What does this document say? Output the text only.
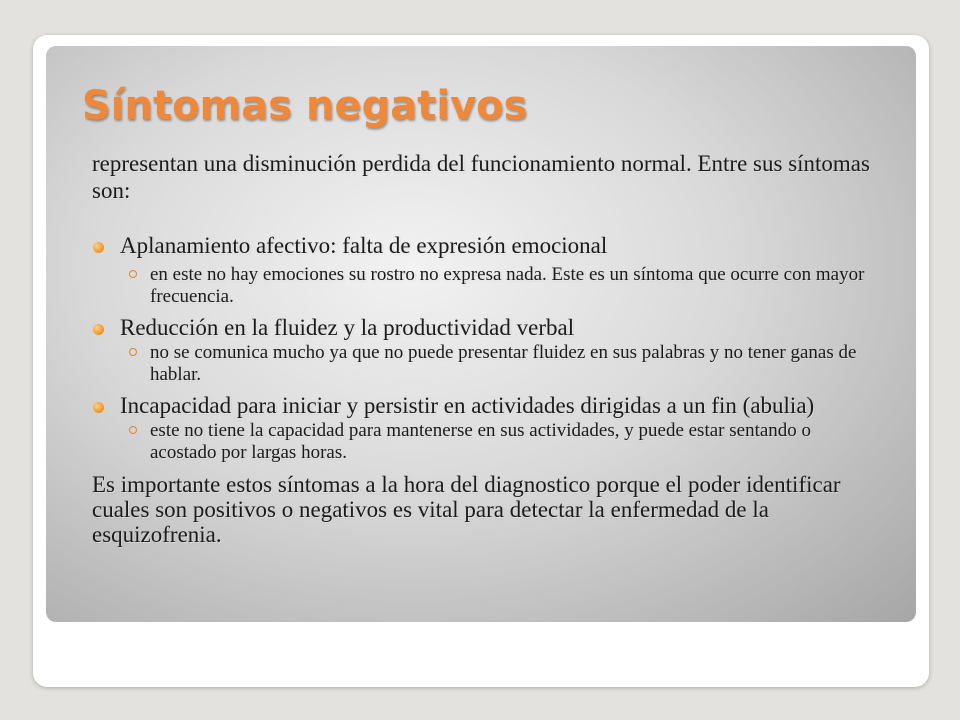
Síntomas negativos

representan una disminución perdida del funcionamiento normal. Entre sus síntomas son:

Aplanamiento afectivo: falta de expresión emocional
en este no hay emociones su rostro no expresa nada. Este es un síntoma que ocurre con mayor frecuencia.
Reducción en la fluidez y la productividad verbal
no se comunica mucho ya que no puede presentar fluidez en sus palabras y no tener ganas de hablar.
Incapacidad para iniciar y persistir en actividades dirigidas a un fin (abulia)
este no tiene la capacidad para mantenerse en sus actividades, y puede estar sentando o acostado por largas horas.

Es importante estos síntomas a la hora del diagnostico porque el poder identificar cuales son positivos o negativos es vital para detectar la enfermedad de la esquizofrenia.
